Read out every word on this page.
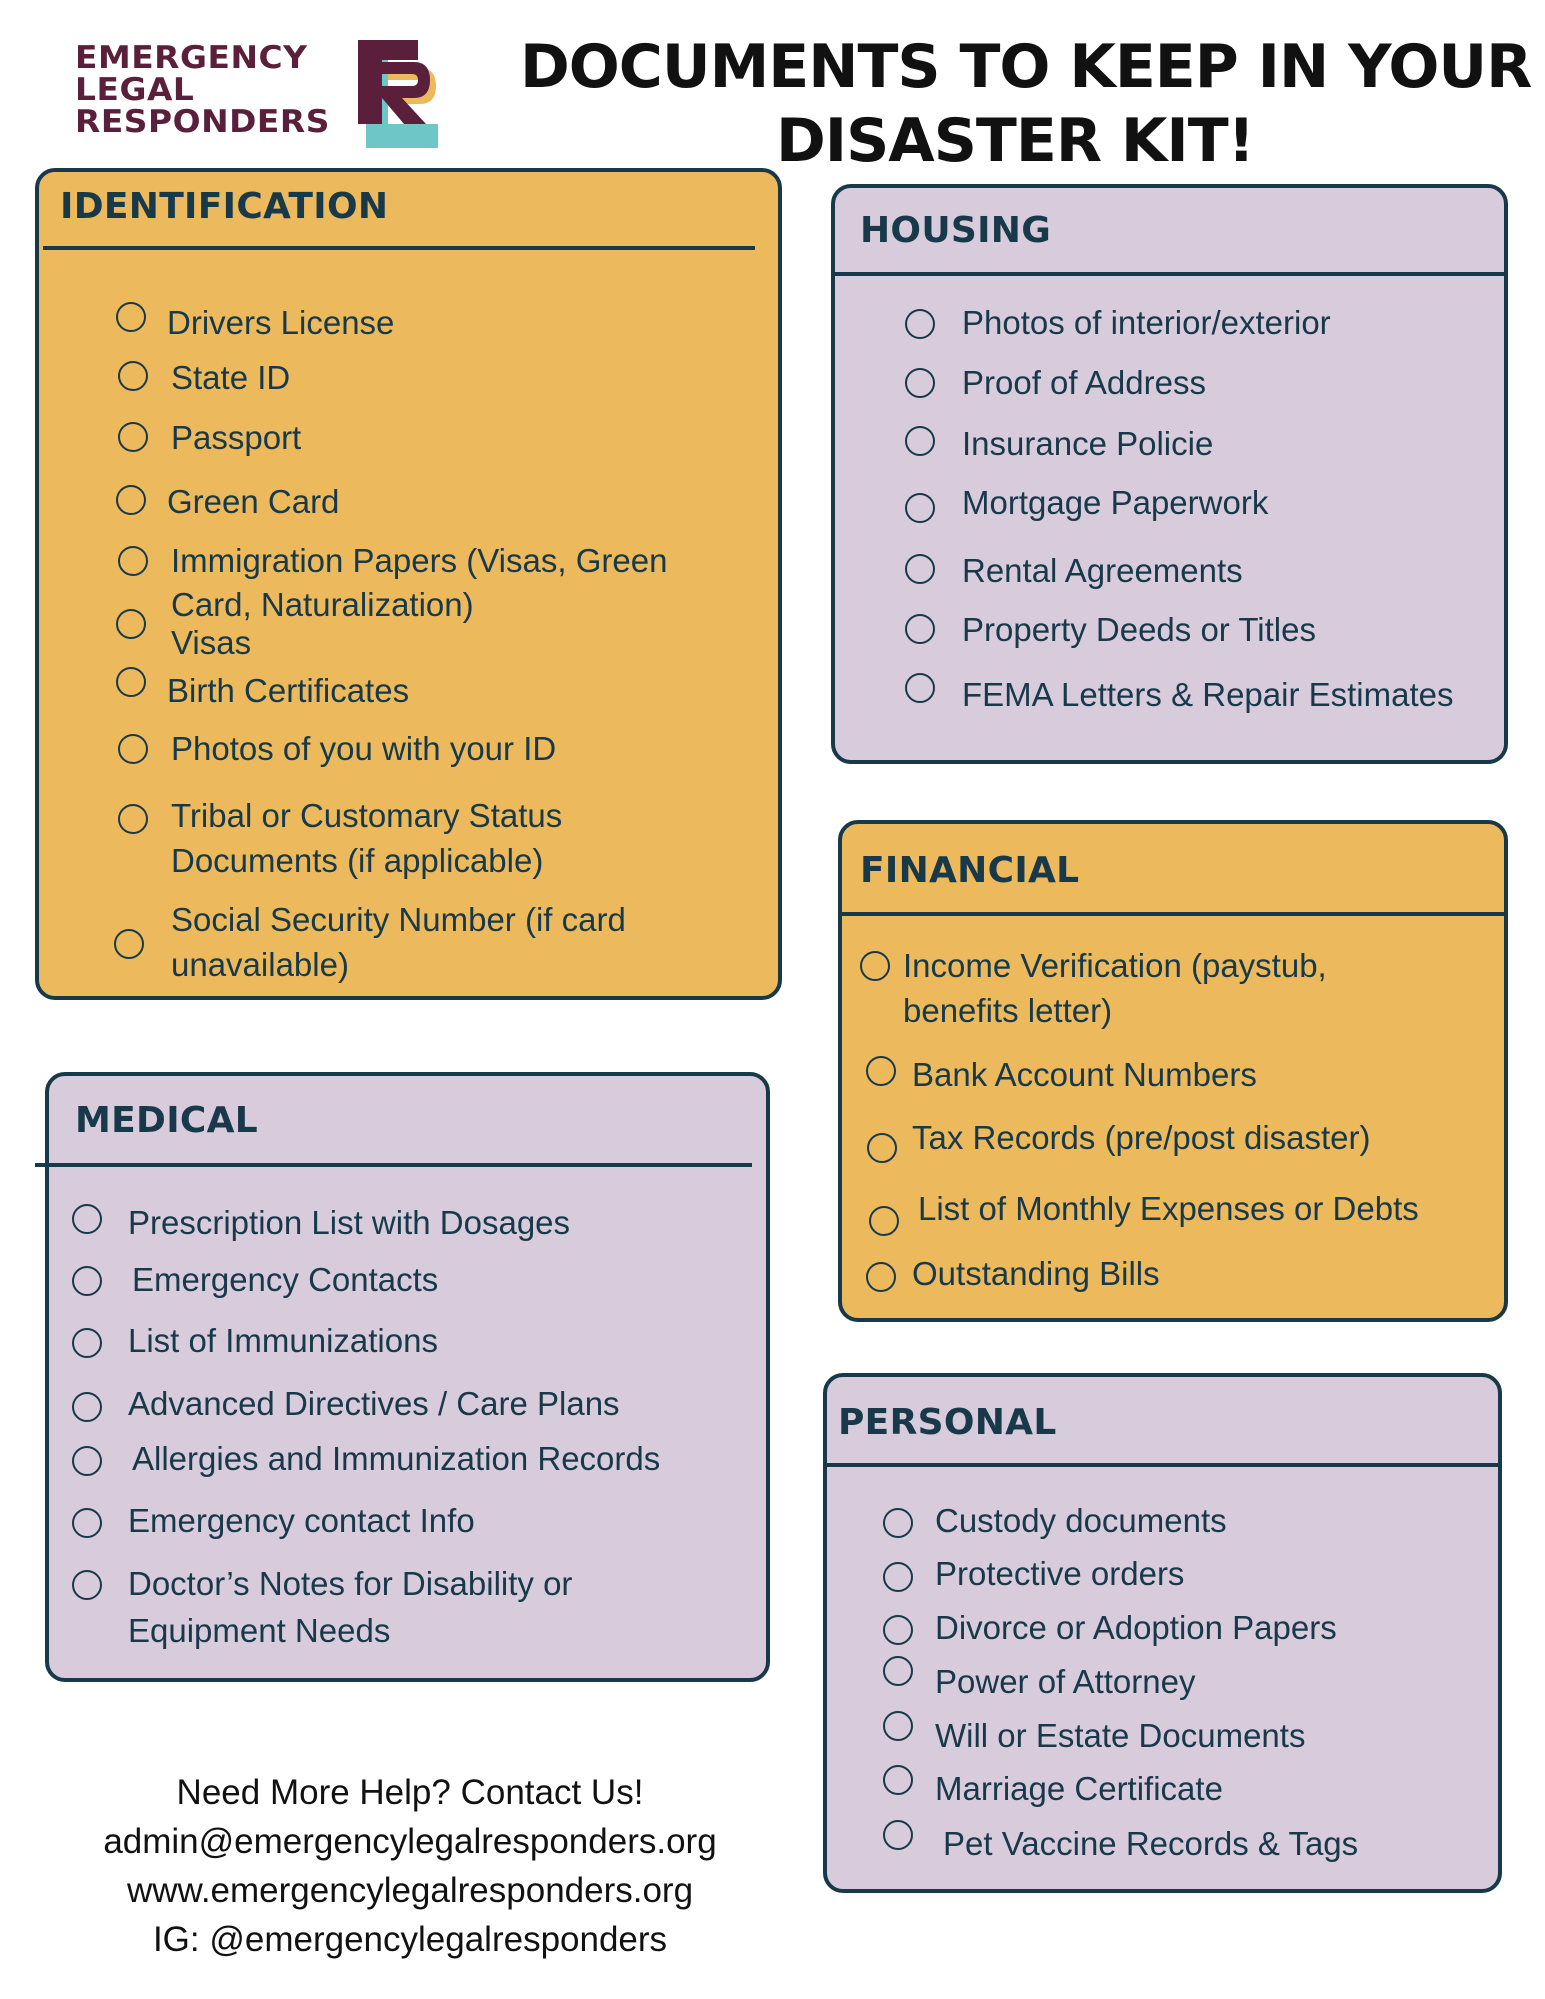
EMERGENCY
LEGAL
RESPONDERS
DOCUMENTS TO KEEP IN YOUR
DISASTER KIT!
IDENTIFICATION
Drivers License
State ID
Passport
Green Card
Immigration Papers (Visas, Green
Card, Naturalization)
Visas
Birth Certificates
Photos of you with your ID
Tribal or Customary Status
Documents (if applicable)
Social Security Number (if card
unavailable)
HOUSING
Photos of interior/exterior
Proof of Address
Insurance Policie
Mortgage Paperwork
Rental Agreements
Property Deeds or Titles
FEMA Letters & Repair Estimates
FINANCIAL
Income Verification (paystub,
benefits letter)
Bank Account Numbers
Tax Records (pre/post disaster)
List of Monthly Expenses or Debts
Outstanding Bills
MEDICAL
Prescription List with Dosages
Emergency Contacts
List of Immunizations
Advanced Directives / Care Plans
Allergies and Immunization Records
Emergency contact Info
Doctor’s Notes for Disability or
Equipment Needs
PERSONAL
Custody documents
Protective orders
Divorce or Adoption Papers
Power of Attorney
Will or Estate Documents
Marriage Certificate
Pet Vaccine Records & Tags
Need More Help? Contact Us!
admin@emergencylegalresponders.org
www.emergencylegalresponders.org
IG: @emergencylegalresponders
